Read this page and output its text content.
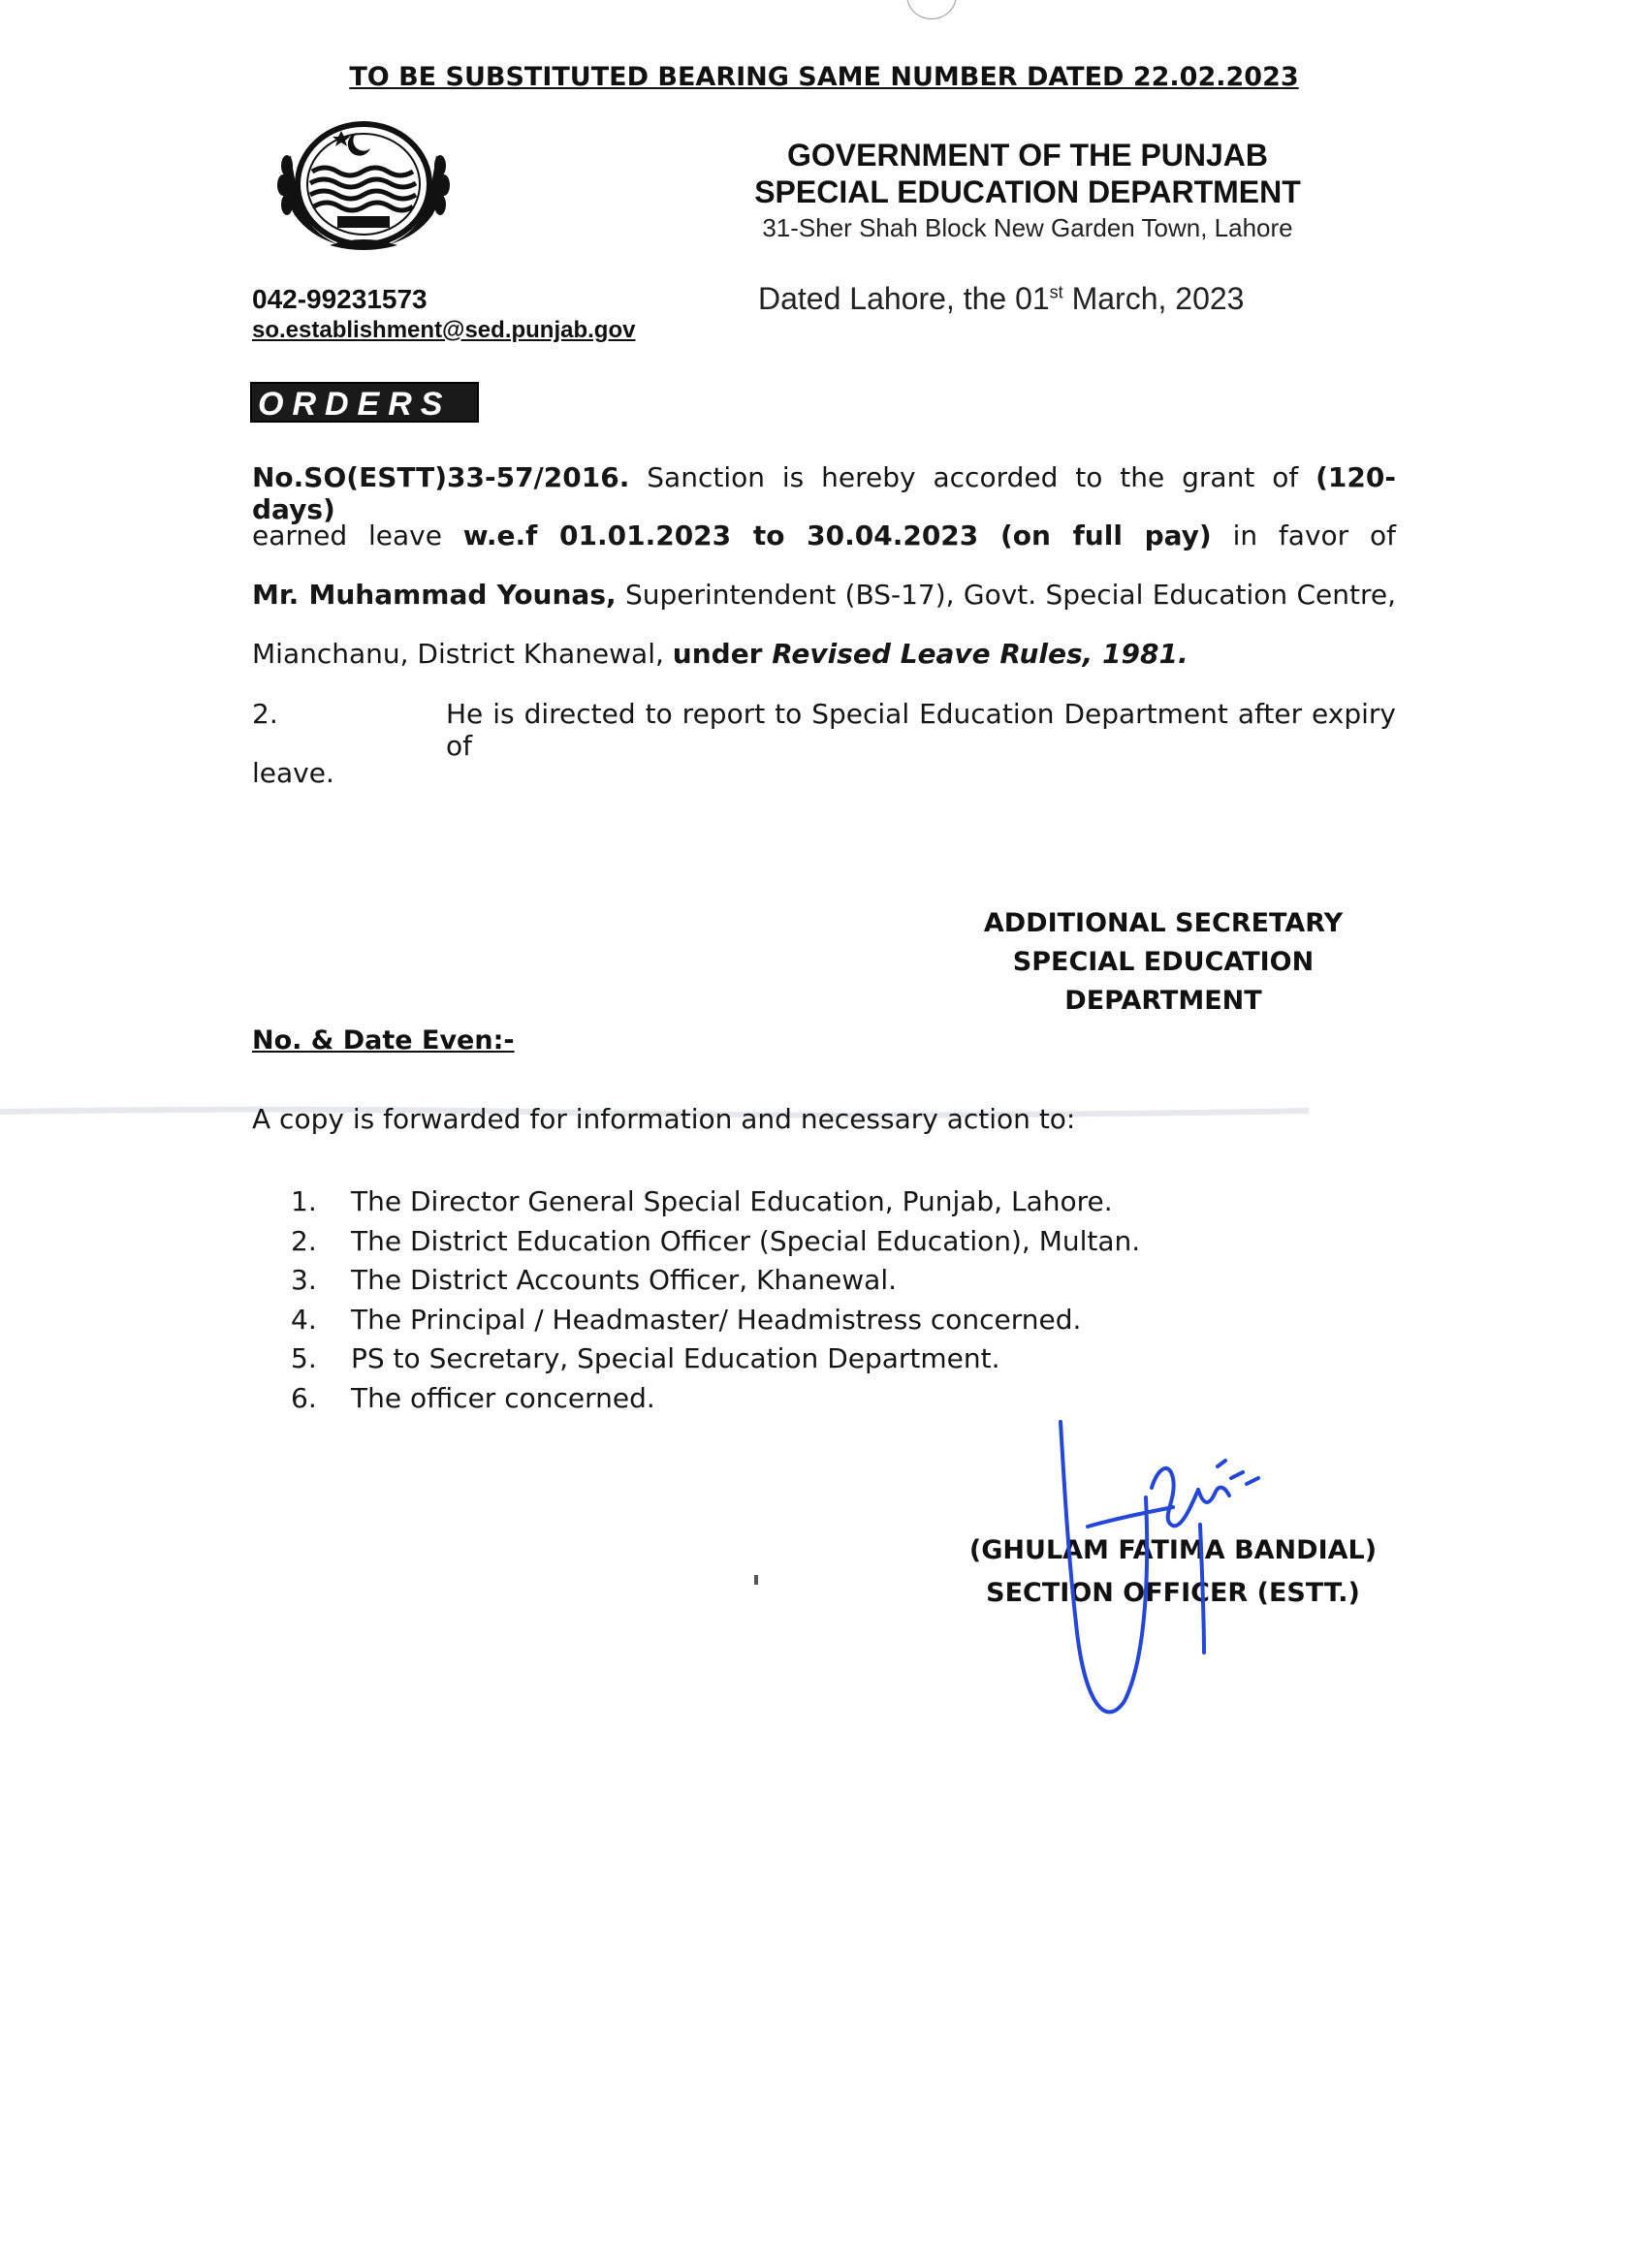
TO BE SUBSTITUTED BEARING SAME NUMBER DATED 22.02.2023
GOVERNMENT OF THE PUNJAB
SPECIAL EDUCATION DEPARTMENT
31-Sher Shah Block New Garden Town, Lahore
042-99231573
so.establishment@sed.punjab.gov
Dated Lahore, the 01st March, 2023
ORDERS
No.SO(ESTT)33-57/2016. Sanction is hereby accorded to the grant of (120-days)
earned leave w.e.f 01.01.2023 to 30.04.2023 (on full pay) in favor of
Mr. Muhammad Younas, Superintendent (BS-17), Govt. Special Education Centre,
Mianchanu, District Khanewal, under Revised Leave Rules, 1981.
2.	He is directed to report to Special Education Department after expiry of
leave.
ADDITIONAL SECRETARY
SPECIAL EDUCATION
DEPARTMENT
No. & Date Even:-
A copy is forwarded for information and necessary action to:
1. The Director General Special Education, Punjab, Lahore.
2. The District Education Officer (Special Education), Multan.
3. The District Accounts Officer, Khanewal.
4. The Principal / Headmaster/ Headmistress concerned.
5. PS to Secretary, Special Education Department.
6. The officer concerned.
(GHULAM FATIMA BANDIAL)
SECTION OFFICER (ESTT.)
